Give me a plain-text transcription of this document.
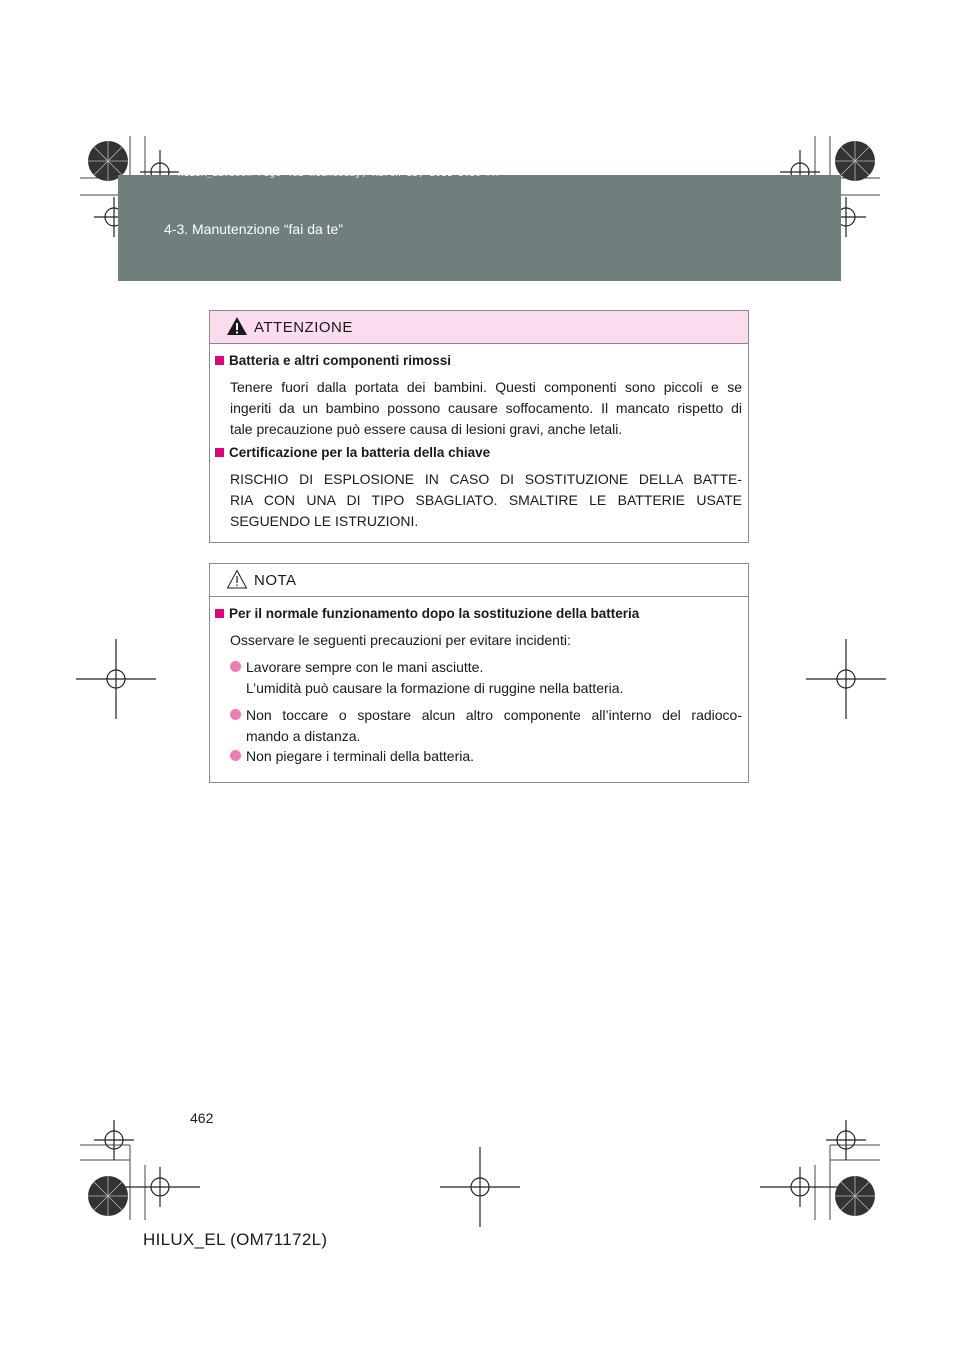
HILUX_EL.book Page 462 Wednesday, March 23, 2011 3:30 PM
4-3. Manutenzione “fai da te”
ATTENZIONE
Batteria e altri componenti rimossi
Tenere fuori dalla portata dei bambini. Questi componenti sono piccoli e se
ingeriti da un bambino possono causare soffocamento. Il mancato rispetto di
tale precauzione può essere causa di lesioni gravi, anche letali.
Certificazione per la batteria della chiave
RISCHIO DI ESPLOSIONE IN CASO DI SOSTITUZIONE DELLA BATTE-
RIA CON UNA DI TIPO SBAGLIATO. SMALTIRE LE BATTERIE USATE
SEGUENDO LE ISTRUZIONI.
NOTA
Per il normale funzionamento dopo la sostituzione della batteria
Osservare le seguenti precauzioni per evitare incidenti:
Lavorare sempre con le mani asciutte.
L’umidità può causare la formazione di ruggine nella batteria.
Non toccare o spostare alcun altro componente all’interno del radioco-
mando a distanza.
Non piegare i terminali della batteria.
462
HILUX_EL (OM71172L)
